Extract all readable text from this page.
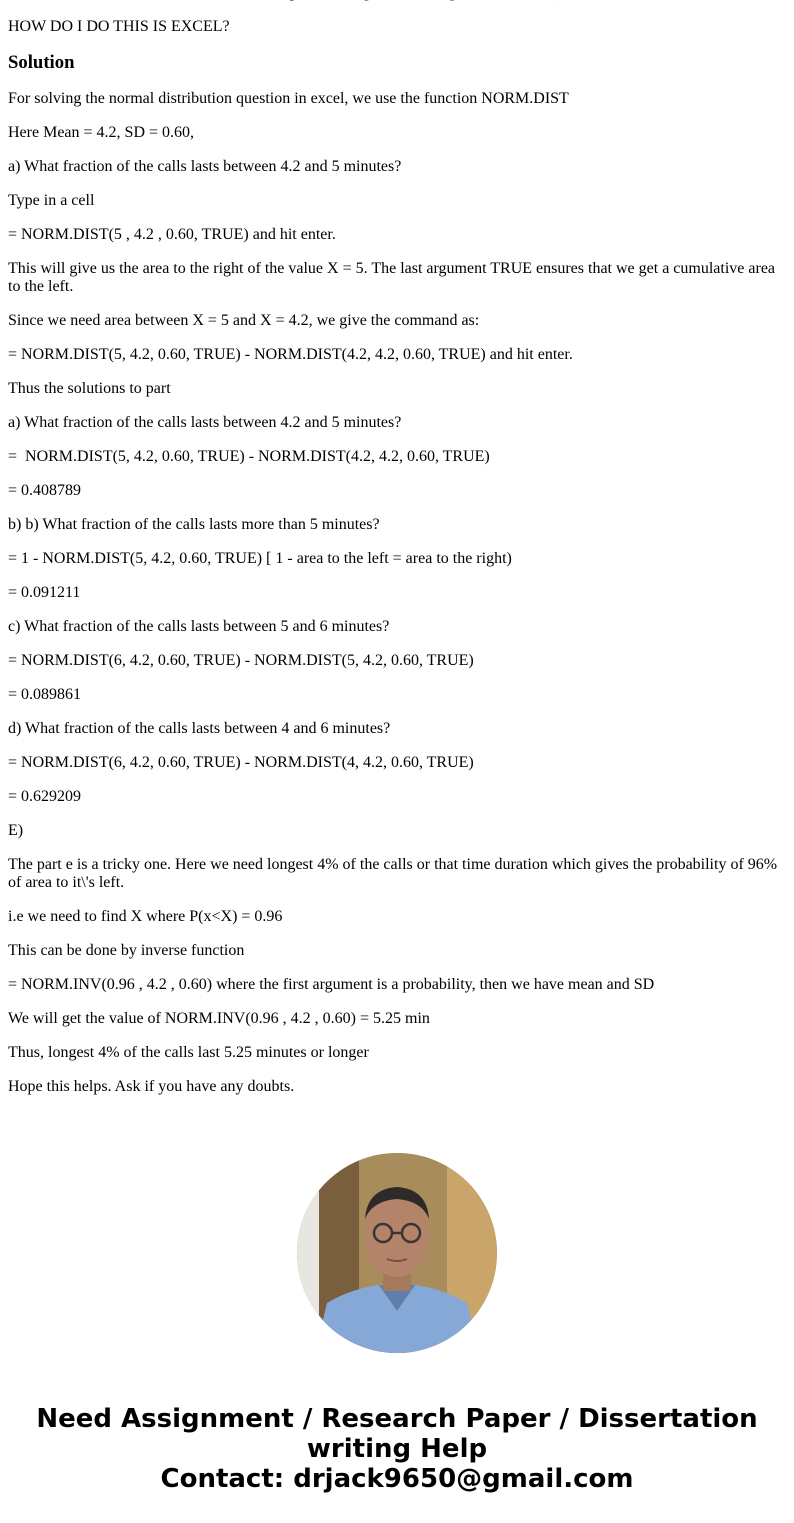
HOW DO I DO THIS IS EXCEL?

Solution

For solving the normal distribution question in excel, we use the function NORM.DIST

Here Mean = 4.2, SD = 0.60,

a) What fraction of the calls lasts between 4.2 and 5 minutes?

Type in a cell

= NORM.DIST(5 , 4.2 , 0.60, TRUE) and hit enter.

This will give us the area to the right of the value X = 5. The last argument TRUE ensures that we get a cumulative area to the left.

Since we need area between X = 5 and X = 4.2, we give the command as:

= NORM.DIST(5, 4.2, 0.60, TRUE) - NORM.DIST(4.2, 4.2, 0.60, TRUE) and hit enter.

Thus the solutions to part

a) What fraction of the calls lasts between 4.2 and 5 minutes?

=  NORM.DIST(5, 4.2, 0.60, TRUE) - NORM.DIST(4.2, 4.2, 0.60, TRUE)

= 0.408789

b) b) What fraction of the calls lasts more than 5 minutes?

= 1 - NORM.DIST(5, 4.2, 0.60, TRUE) [ 1 - area to the left = area to the right)

= 0.091211

c) What fraction of the calls lasts between 5 and 6 minutes?

= NORM.DIST(6, 4.2, 0.60, TRUE) - NORM.DIST(5, 4.2, 0.60, TRUE)

= 0.089861

d) What fraction of the calls lasts between 4 and 6 minutes?

= NORM.DIST(6, 4.2, 0.60, TRUE) - NORM.DIST(4, 4.2, 0.60, TRUE)

= 0.629209

E)

The part e is a tricky one. Here we need longest 4% of the calls or that time duration which gives the probability of 96% of area to it\'s left.

i.e we need to find X where P(x<X) = 0.96

This can be done by inverse function

= NORM.INV(0.96 , 4.2 , 0.60) where the first argument is a probability, then we have mean and SD

We will get the value of NORM.INV(0.96 , 4.2 , 0.60) = 5.25 min

Thus, longest 4% of the calls last 5.25 minutes or longer

Hope this helps. Ask if you have any doubts.

Need Assignment / Research Paper / Dissertation
writing Help
Contact: drjack9650@gmail.com
